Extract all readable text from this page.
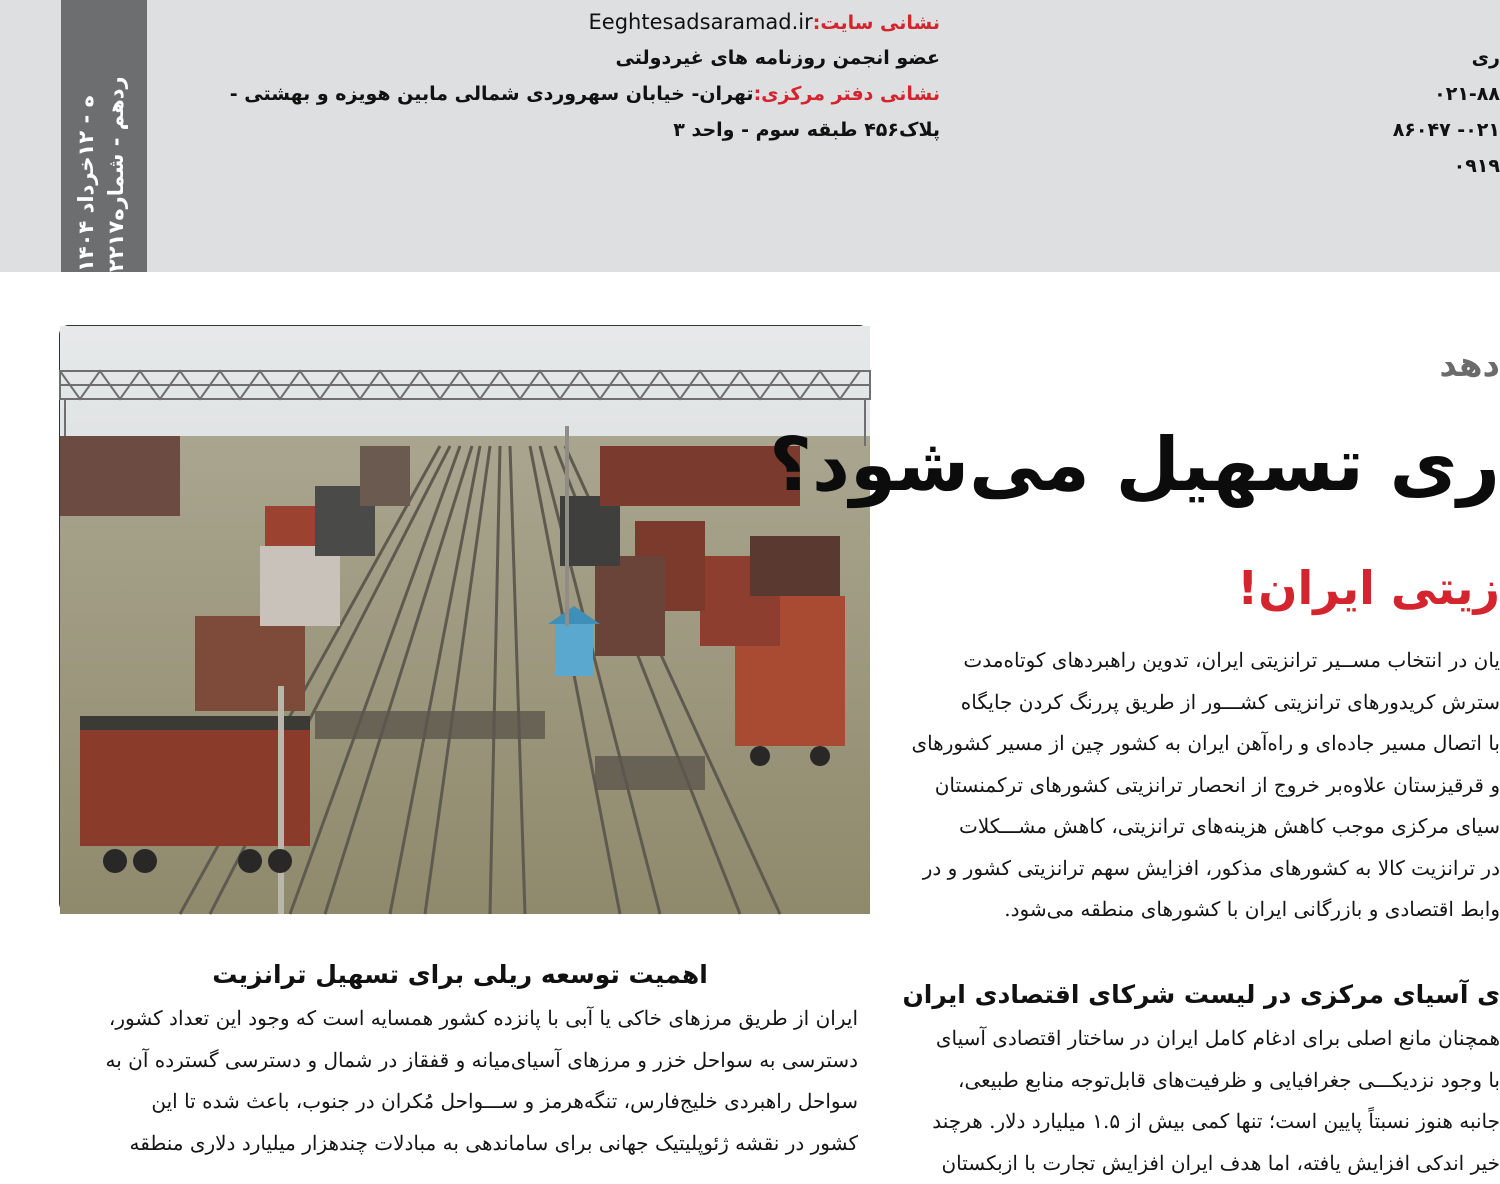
ه - ۱۲خرداد ۱۴۰۴
ردهم - شماره۲۲۱۷
نشانی سایت:Eeghtesadsaramad.ir
عضو انجمن روزنامه های غیردولتی
نشانی دفتر مرکزی:تهران- خیابان سهروردی شمالی مابین هویزه و بهشتی -
پلاک۴۵۶ طبقه سوم - واحد ۳
ری
۰۲۱-۸۸
۰۲۱- ۸۶۰۴۷
۰۹۱۹
دهد
ری تسهیل می‌شود؟
زیتی ایران!
یان در انتخاب مســیر ترانزیتی ایران، تدوین راهبردهای کوتاه‌مدت
ستر‌ش کریدورهای ترانزیتی کشـــور از طریق پررنگ کردن جایگاه
با اتصال مسیر جاده‌ای و راه‌آهن ایران به کشور چین از مسیر کشورهای
و قرقیزستان علاوه‌بر خروج از انحصار ترانزیتی کشورهای ترکمنستان
سیای مرکزی موجب کاهش هزینه‌های ترانزیتی، کاهش مشـــکلات
در ترانزیت کالا به کشورهای مذکور، افزایش سهم ترانزیتی کشور و در
وابط اقتصادی و بازرگانی ایران با کشورهای منطقه می‌شود.
ی آسیای مرکزی در لیست شرکای اقتصادی ایران
همچنان مانع اصلی برای ادغام کامل ایران در ساختار اقتصادی آسیای
با وجود نزدیکـــی جغرافیایی و ظرفیت‌های قابل‌توجه منابع طبیعی،
جانبه هنوز نسبتاً پایین است؛ تنها کمی بیش از ۱.۵ میلیارد دلار. هرچند
خیر اندکی افزایش یافته، اما هدف ایران افزایش تجارت با ازبکستان
اهمیت توسعه ریلی برای تسهیل ترانزیت
ایران از طریق مرزهای خاکی یا آبی با پانزده کشور همسایه است که وجود این تعداد کشور،
دسترسی به سواحل خزر و مرزهای آسیای‌میانه و قفقاز در شمال و دسترسی گسترده آن به
سواحل راهبردی خلیج‌فارس، تنگه‌هرمز و ســـواحل مُکران در جنوب، باعث شده تا این
کشور در نقشه ژئوپلیتیک جهانی برای ساماندهی به مبادلات چندهزار میلیارد دلاری منطقه
